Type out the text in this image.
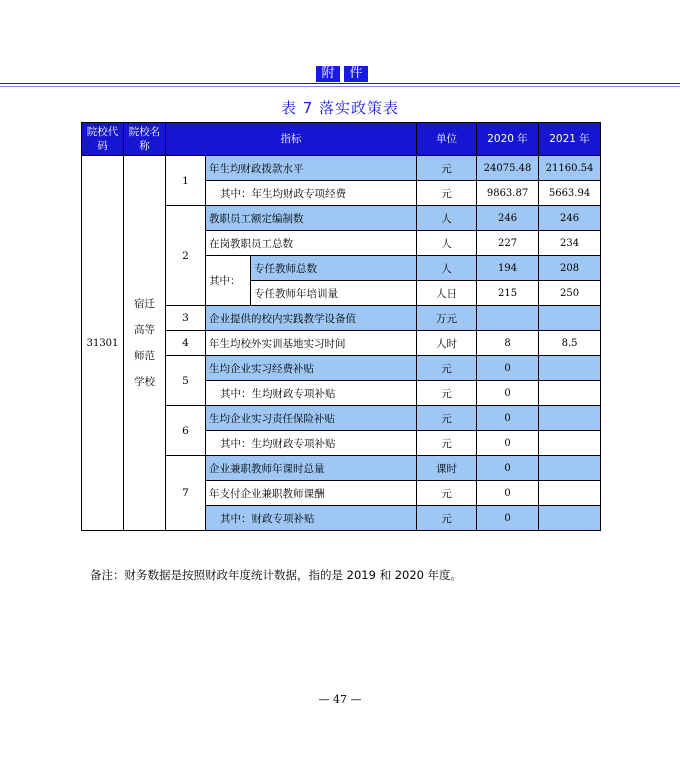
附	件
表 7 落实政策表
院校代码	院校名称	指标			单位	2020 年	2021 年
31301	宿迁高等师范学校	1	年生均财政拨款水平		元	24075.48	21160.54
			其中：年生均财政专项经费		元	9863.87	5663.94
		2	教职员工额定编制数		人	246	246
			在岗教职员工总数		人	227	234
			其中：	专任教师总数	人	194	208
				专任教师年培训量	人日	215	250
		3	企业提供的校内实践教学设备值		万元		
		4	年生均校外实训基地实习时间		人时	8	8.5
		5	生均企业实习经费补贴		元	0	
			其中：生均财政专项补贴		元	0	
		6	生均企业实习责任保险补贴		元	0	
			其中：生均财政专项补贴		元	0	
		7	企业兼职教师年课时总量		课时	0	
			年支付企业兼职教师课酬		元	0	
			其中：财政专项补贴		元	0	
备注：财务数据是按照财政年度统计数据，指的是 2019 和 2020 年度。
— 47 —
